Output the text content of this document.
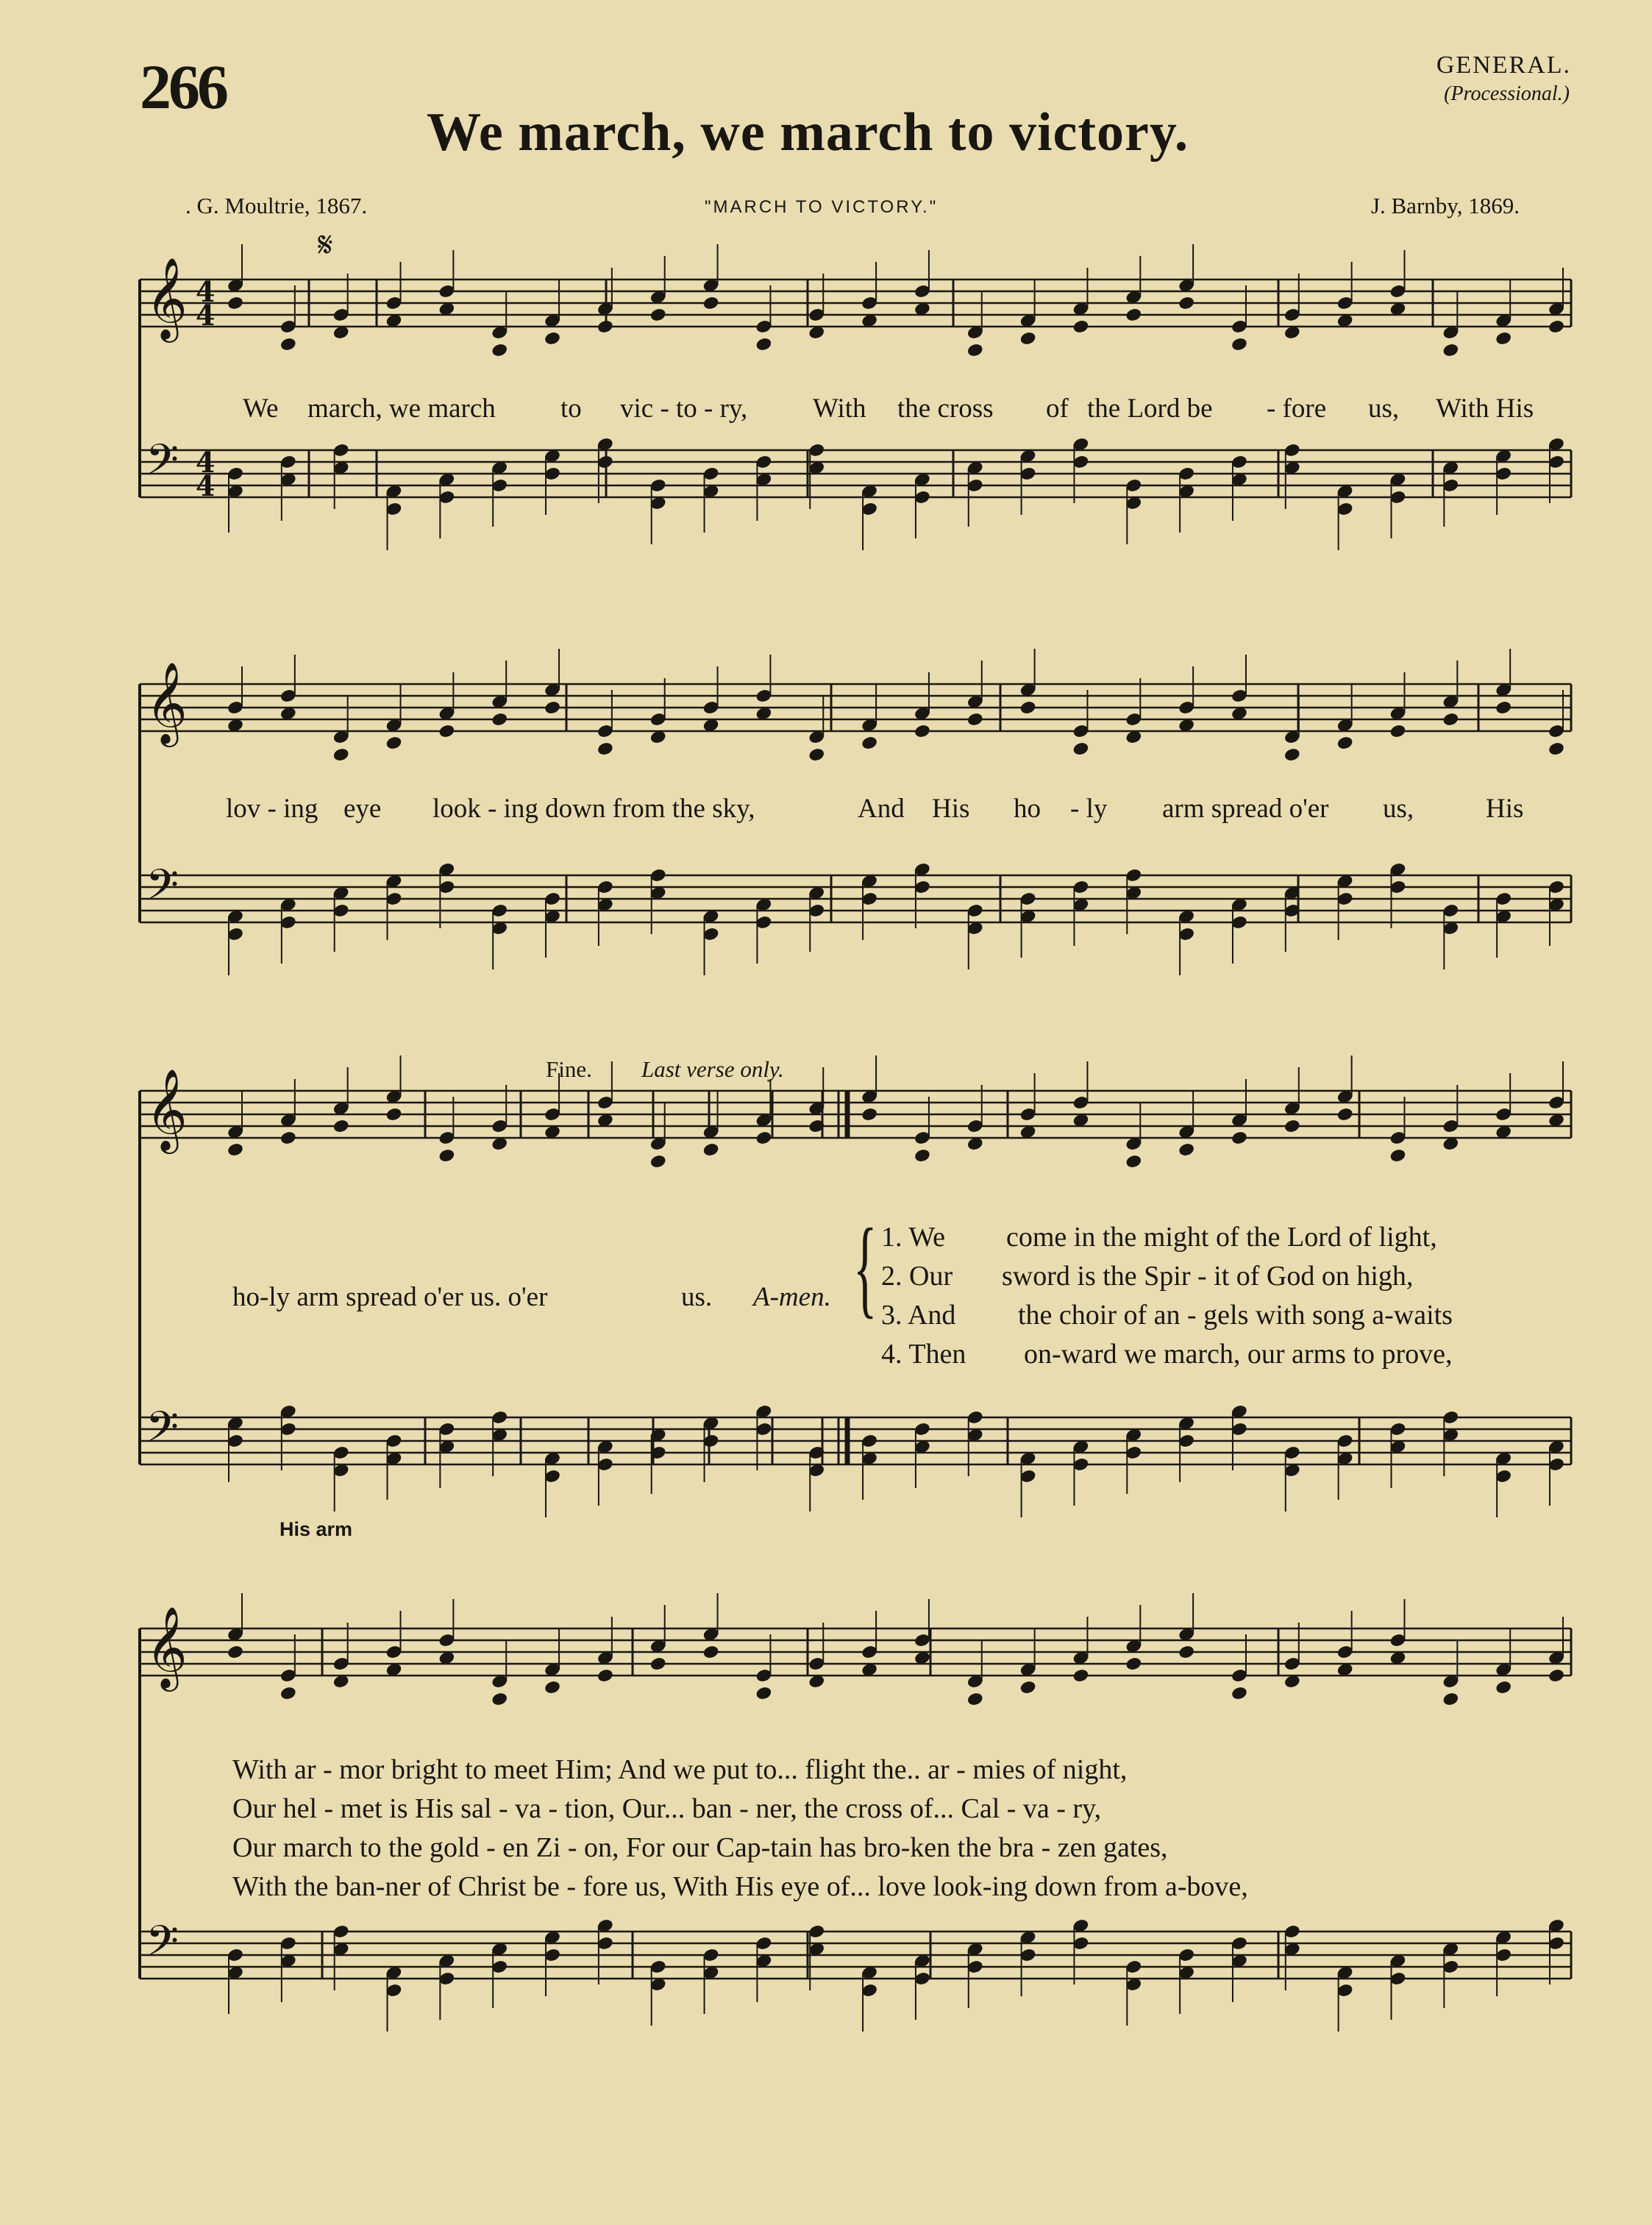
266
We march, we march to victory.
GENERAL.
(Processional.)
. G. Moultrie, 1867.	"MARCH TO VICTORY."	J. Barnby, 1869.
𝄞
𝄢
𝄞
𝄢
𝄞
𝄢
𝄞
𝄢
4
4
4
4
𝄋
Fine. Last verse only.
We march, we march to vic - to - ry, With the cross of the Lord be - fore us, With His
lov - ing eye look - ing down from the sky,	And His ho - ly arm spread o'er us,	His
ho-ly arm spread o'er us. o'er	us. A-men. {
His arm
1. We come in the might of the Lord of light,
2. Our sword is the Spir - it of God on high,
3. And the choir of an - gels with song a-waits
4. Then on-ward we march, our arms to prove,
With ar - mor bright to meet Him; And we put to... flight the.. ar - mies of night,
Our hel - met is His sal - va - tion, Our... ban - ner, the cross of... Cal - va - ry,
Our march to the gold - en Zi - on, For our Cap-tain has bro-ken the bra - zen gates,
With the ban-ner of Christ be - fore us, With His eye of... love look-ing down from a-bove,
